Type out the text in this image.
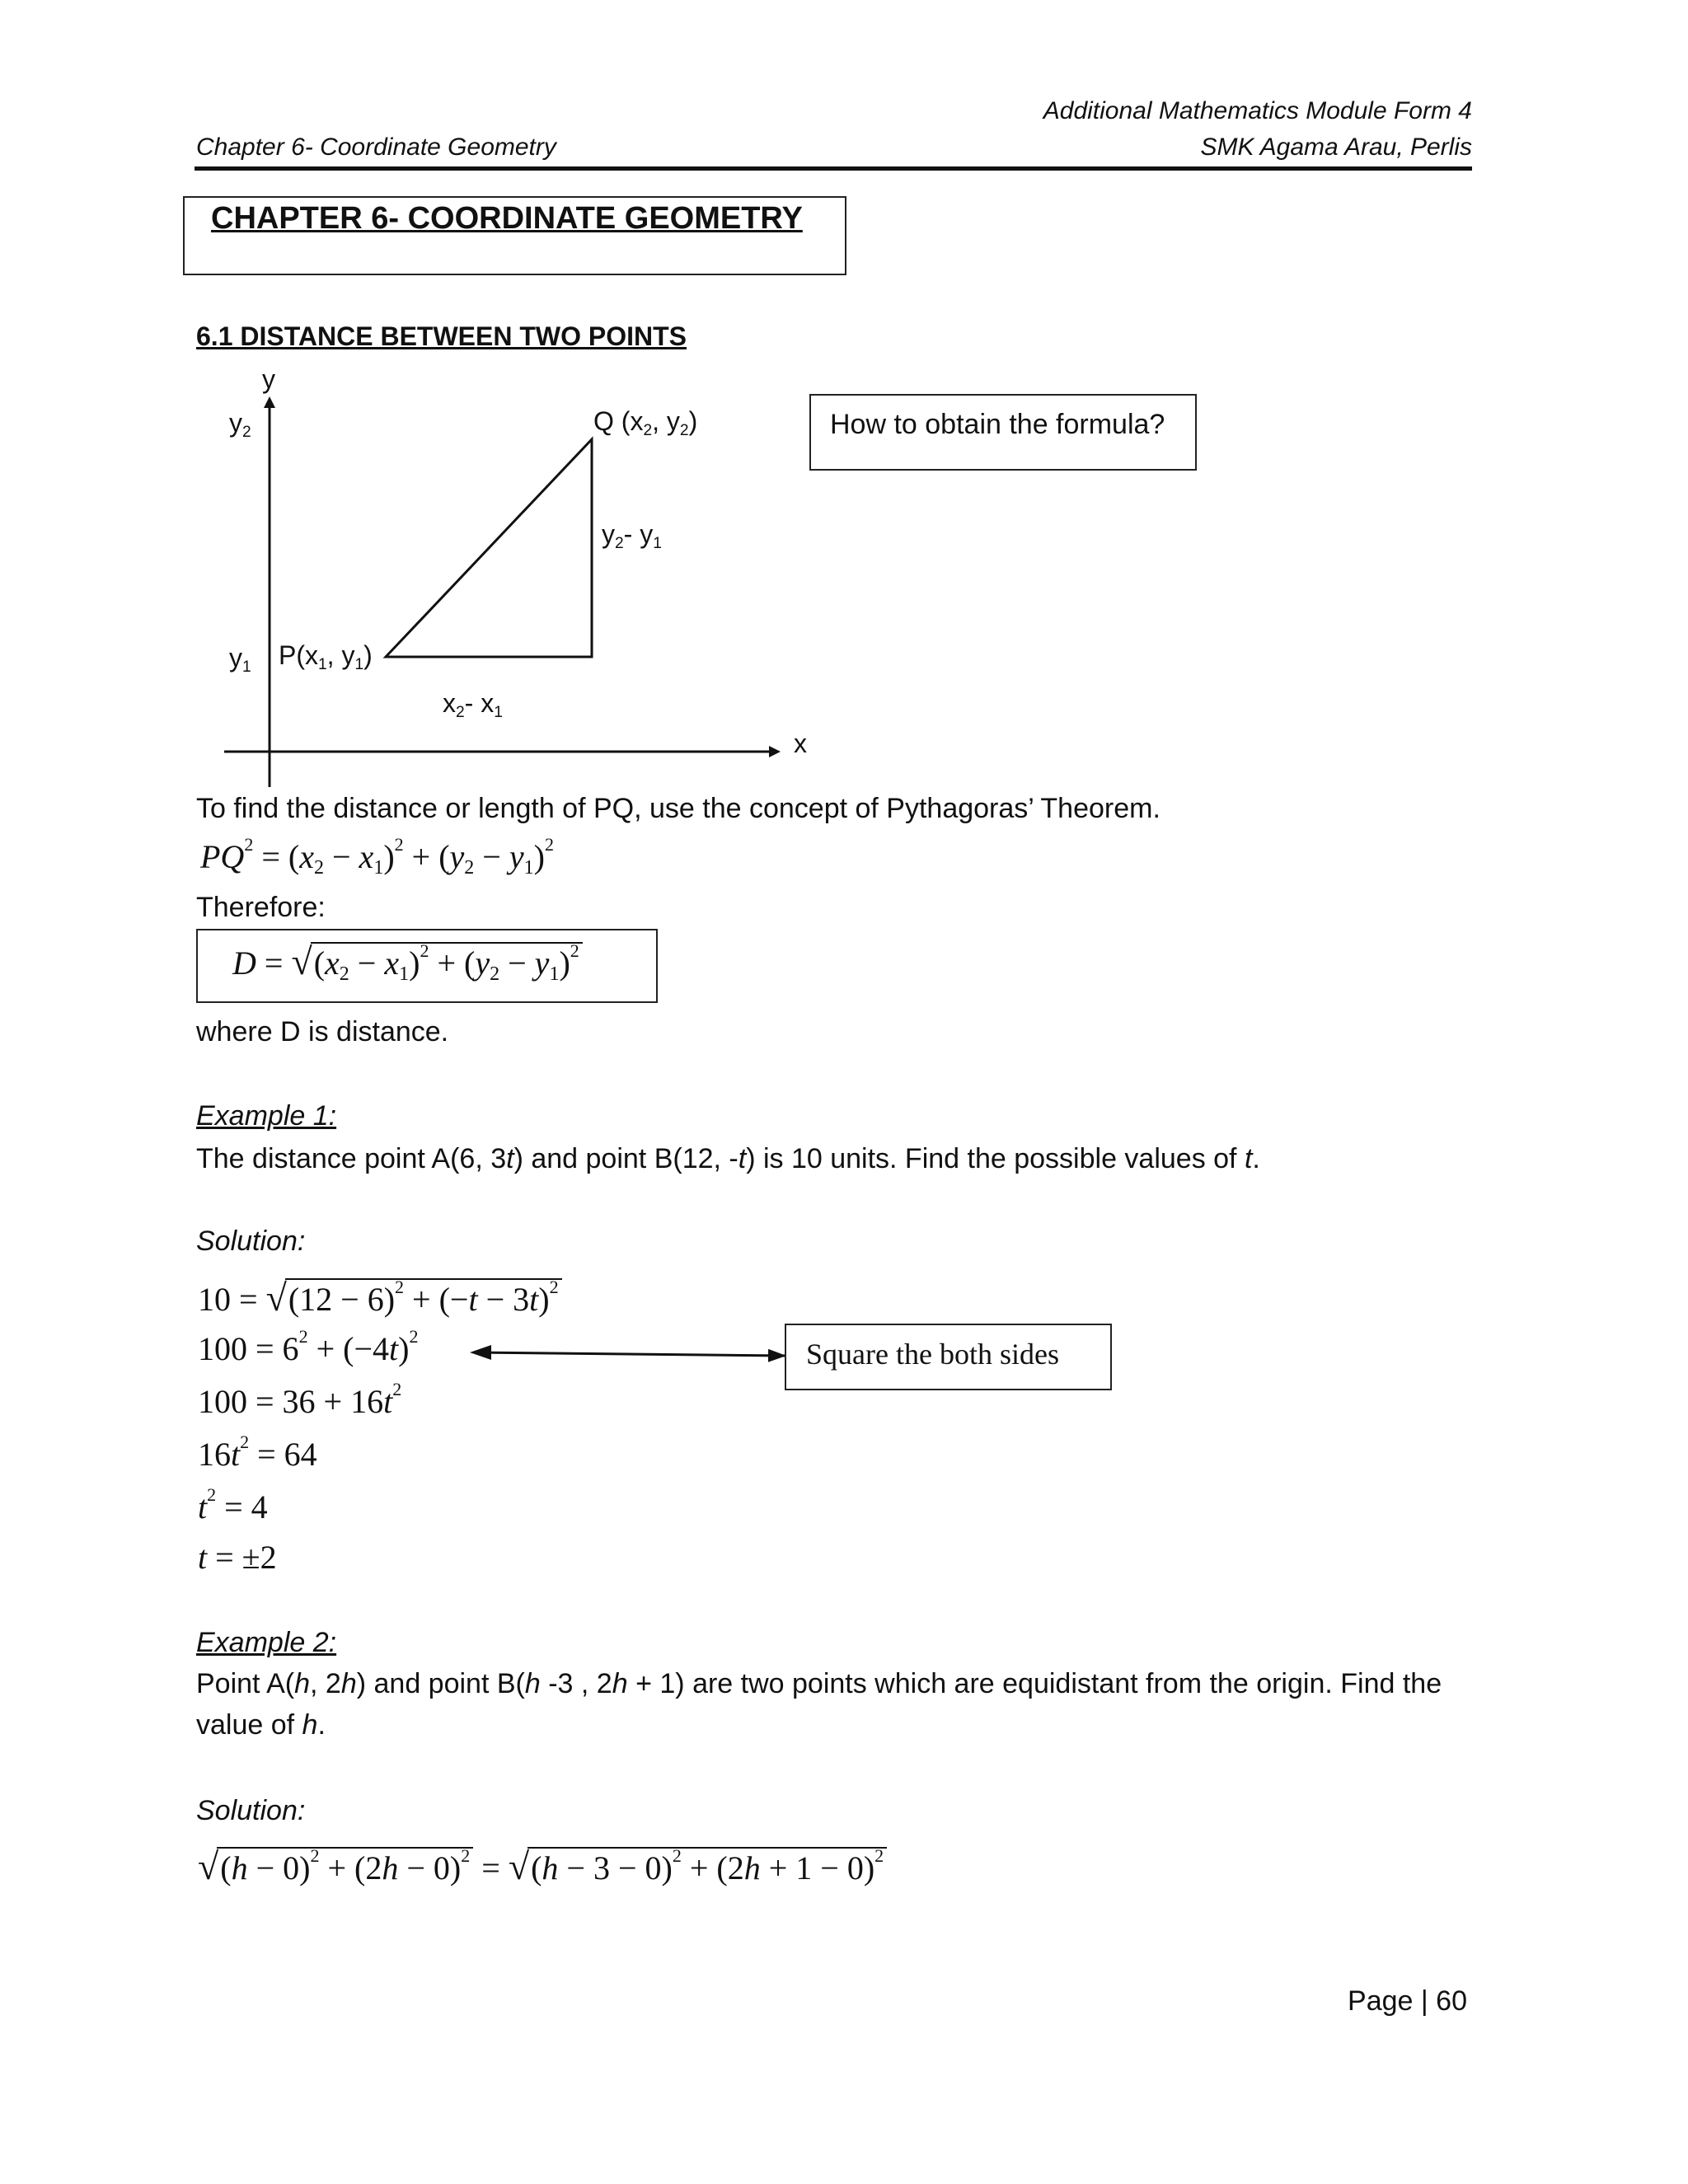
Additional Mathematics Module Form 4
Chapter 6- Coordinate Geometry	SMK Agama Arau, Perlis
CHAPTER 6- COORDINATE GEOMETRY
6.1 DISTANCE BETWEEN TWO POINTS
y
x
$y_2$
$y_1$
Q ($x_2$, $y_2$)
$P(x_1$, $y_1$)
$y_2-$ $y_1$
$x_2-$ $x_1$
How to obtain the formula?
To find the distance or length of PQ, use the concept of Pythagoras’ Theorem.
$PQ^2 = (x_2 - x_1)^2 + (y_2 - y_1)^2$
Therefore:
$D = √(x_2 - x_1)^2 + (y_2 - y_1)^2$
where D is distance.
Example 1:
The distance point A(6, 3t) and point B(12, -t) is 10 units. Find the possible values of t.
Solution:
$10 = √(12 - 6)^2 + (-t - 3t)^2$
$100 = 6^2 + (-4t)^2$
$100 = 36 + 16t^2$
$16t^2 = 64$
$t^2 = 4$
t = ±2
Square the both sides
Example 2:
Point A(h, 2h) and point B(h -3 , 2h + 1) are two points which are equidistant from the origin. Find the
value of h.
Solution:
$√(h - 0)^2 + (2h - 0)^2 = √(h - 3 - 0)^2 + (2h + 1 - 0)^2$
Page | 60
